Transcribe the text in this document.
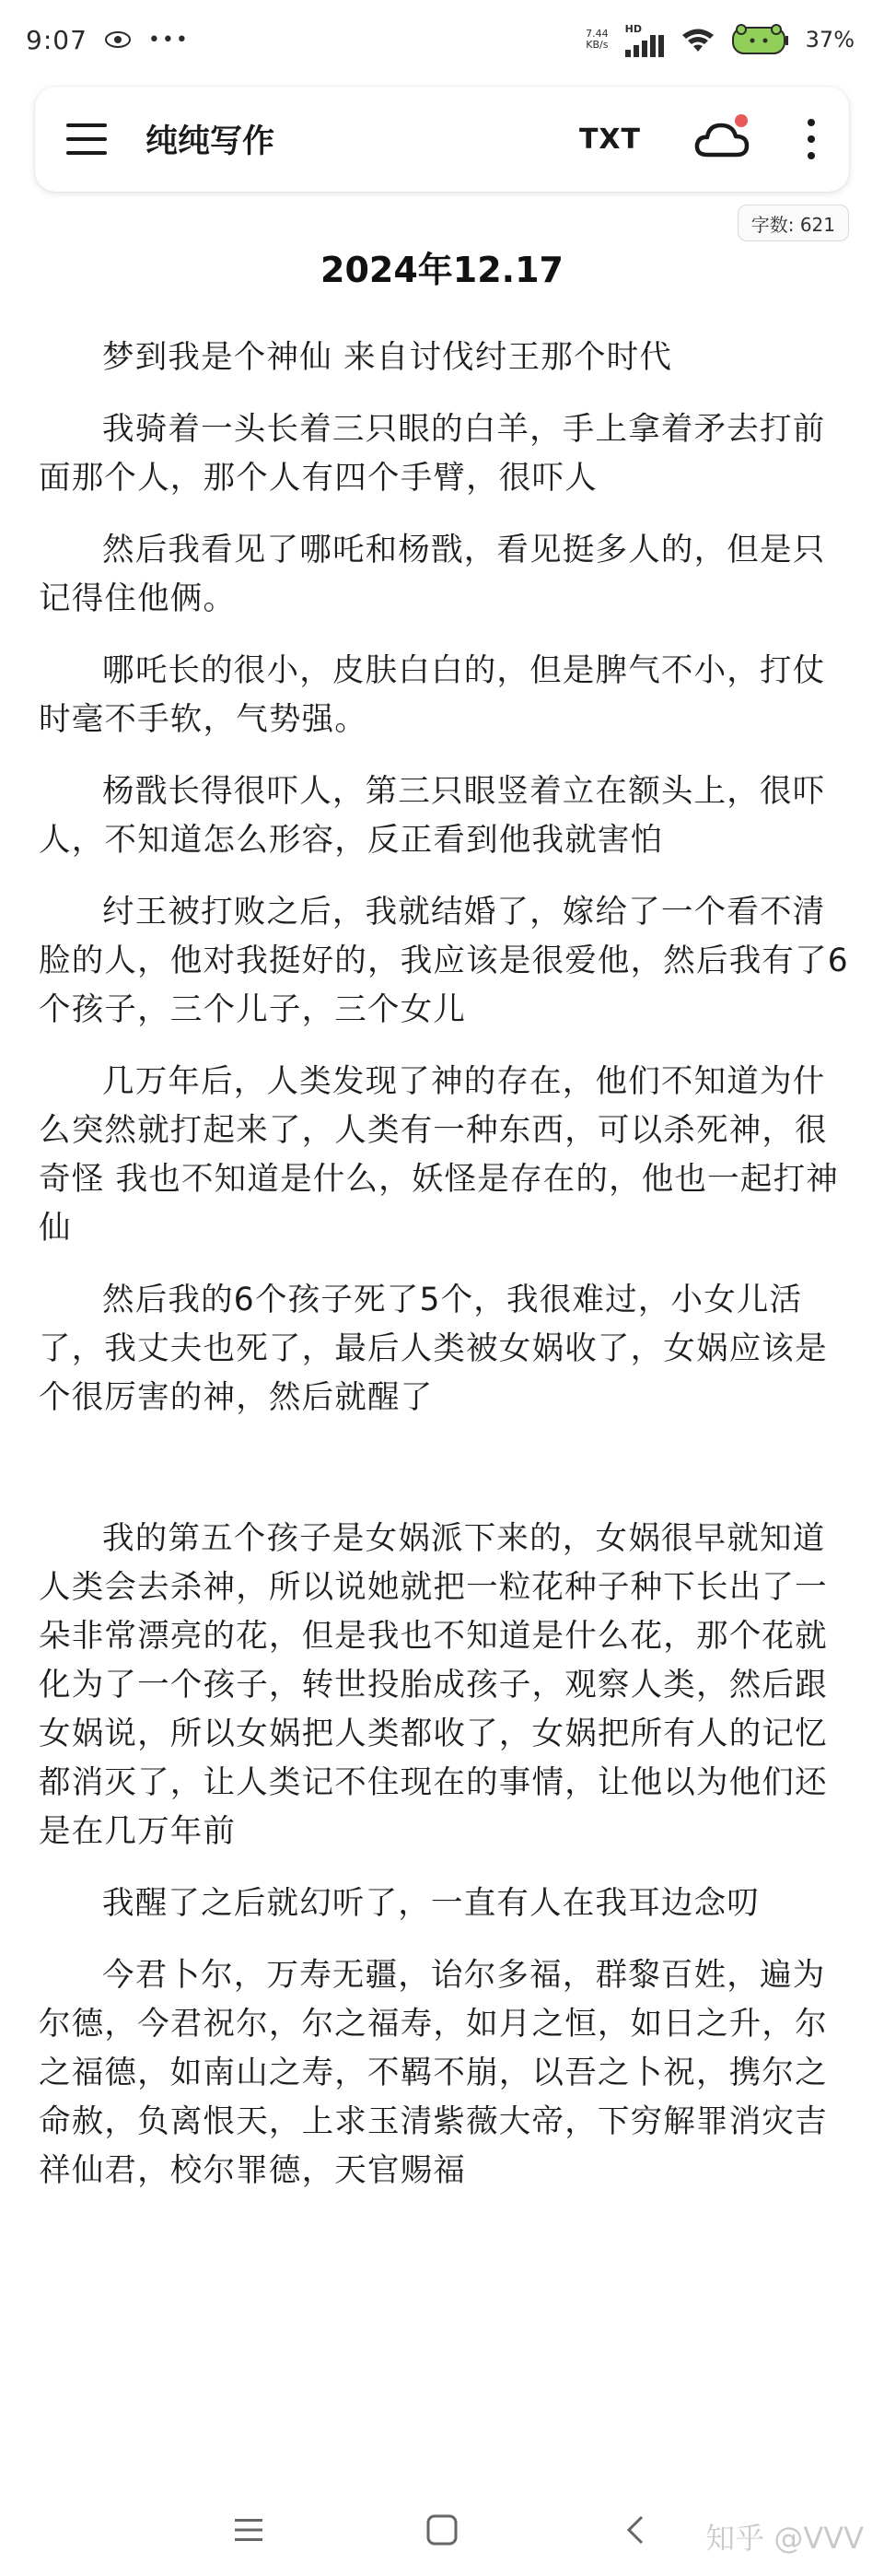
9:07	•••	7.44
KB/s
HD	37%
纯纯写作	TXT
字数: 621
2024年12.17

梦到我是个神仙 来自讨伐纣王那个时代

我骑着一头长着三只眼的白羊，手上拿着矛去打前面那个人，那个人有四个手臂，很吓人

然后我看见了哪吒和杨戬，看见挺多人的，但是只记得住他俩。

哪吒长的很小，皮肤白白的，但是脾气不小，打仗时毫不手软，气势强。

杨戬长得很吓人，第三只眼竖着立在额头上，很吓人，不知道怎么形容，反正看到他我就害怕

纣王被打败之后，我就结婚了，嫁给了一个看不清脸的人，他对我挺好的，我应该是很爱他，然后我有了6个孩子，三个儿子，三个女儿

几万年后，人类发现了神的存在，他们不知道为什么突然就打起来了，人类有一种东西，可以杀死神，很奇怪 我也不知道是什么，妖怪是存在的，他也一起打神仙

然后我的6个孩子死了5个，我很难过，小女儿活了，我丈夫也死了，最后人类被女娲收了，女娲应该是个很厉害的神，然后就醒了

我的第五个孩子是女娲派下来的，女娲很早就知道人类会去杀神，所以说她就把一粒花种子种下长出了一朵非常漂亮的花，但是我也不知道是什么花，那个花就化为了一个孩子，转世投胎成孩子，观察人类，然后跟女娲说，所以女娲把人类都收了，女娲把所有人的记忆都消灭了，让人类记不住现在的事情，让他以为他们还是在几万年前

我醒了之后就幻听了，一直有人在我耳边念叨

今君卜尔，万寿无疆，诒尔多福，群黎百姓，遍为尔德，今君祝尔，尔之福寿，如月之恒，如日之升，尔之福德，如南山之寿，不羁不崩，以吾之卜祝，携尔之命赦，负离恨天，上求玉清紫薇大帝，下穷解罪消灾吉祥仙君，校尔罪德，天官赐福

知乎 @VVV
